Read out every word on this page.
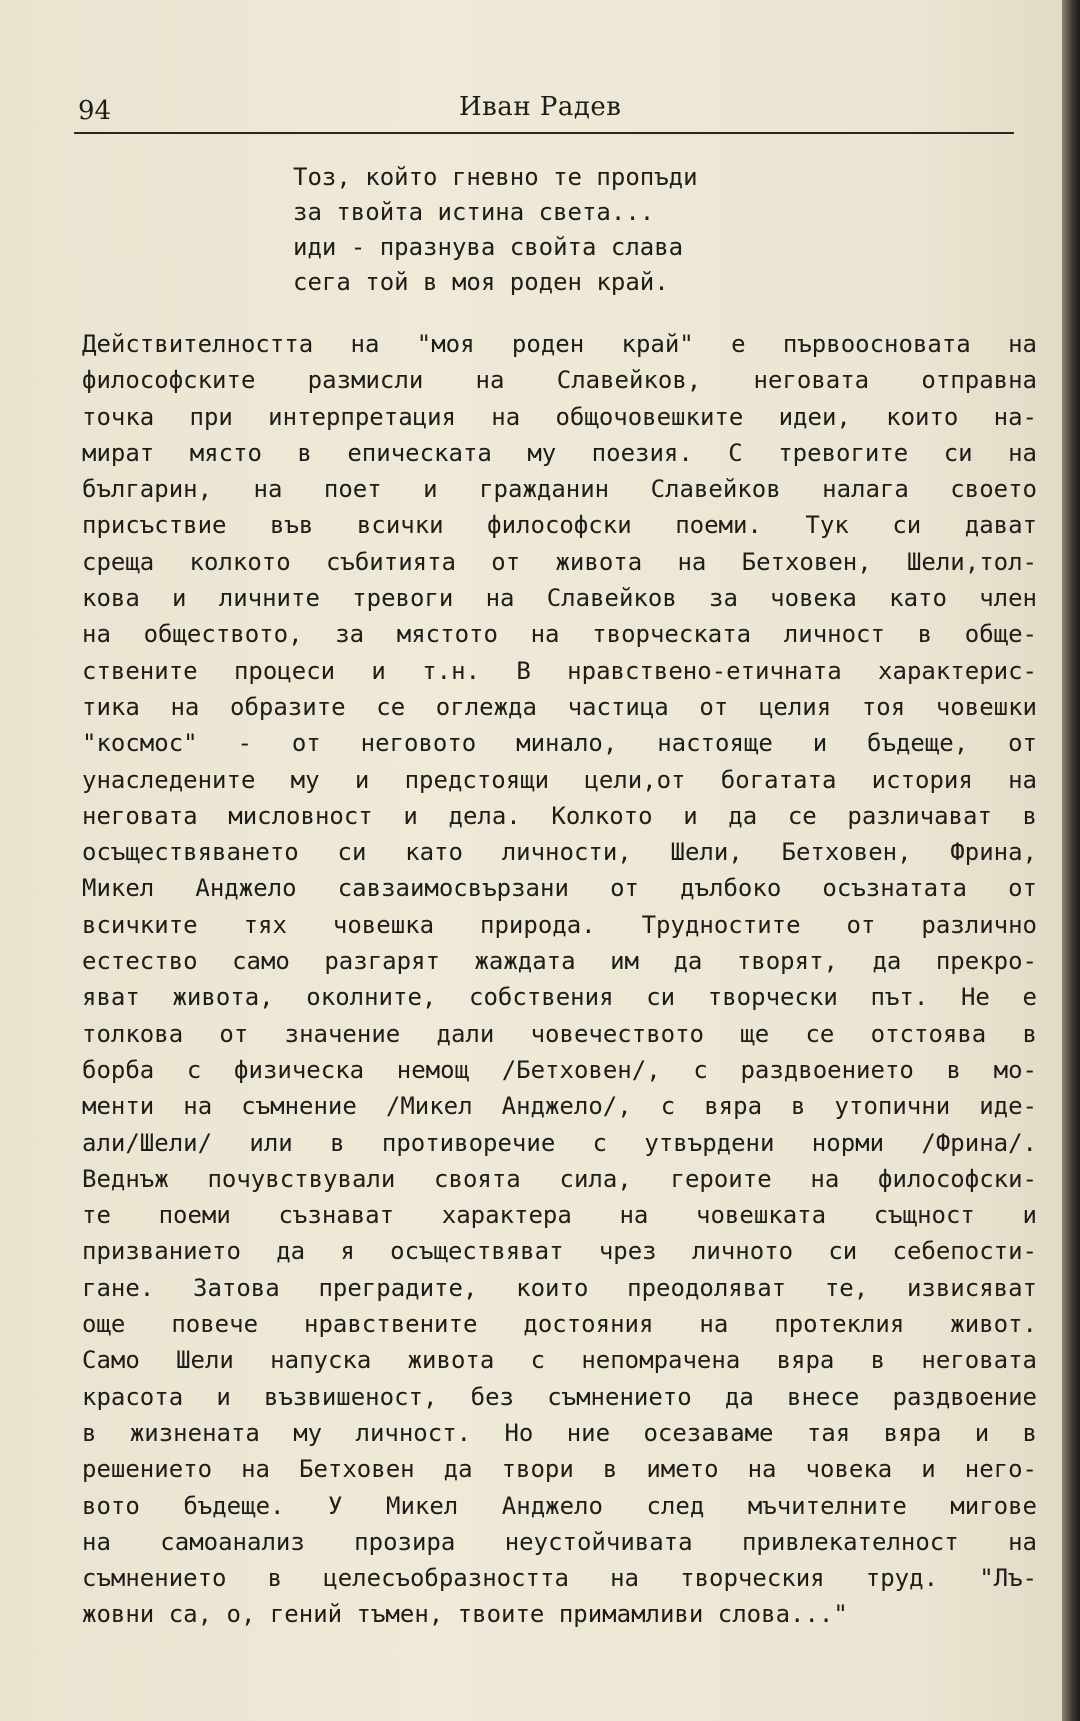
94	Иван Радев
Тоз, който гневно те пропъди
за твойта истина света...
иди - празнува свойта слава
сега той в моя роден край.
Действителността на "моя роден край" е първоосновата на
философските размисли на Славейков, неговата отправна
точка при интерпретация на общочовешките идеи, които на-
мират място в епическата му поезия. С тревогите си на
българин, на поет и гражданин Славейков налага своето
присъствие във всички философски поеми. Тук си дават
среща колкото събитията от живота на Бетховен, Шели,тол-
кова и личните тревоги на Славейков за човека като член
на обществото, за мястото на творческата личност в обще-
ствените процеси и т.н. В нравствено-етичната характерис-
тика на образите се оглежда частица от целия тоя човешки
"космос" - от неговото минало, настояще и бъдеще, от
унаследените му и предстоящи цели,от богатата история на
неговата мисловност и дела. Колкото и да се различават в
осъществяването си като личности, Шели, Бетховен, Фрина,
Микел Анджело савзаимосвързани от дълбоко осъзнатата от
всичките тях човешка природа. Трудностите от различно
естество само разгарят жаждата им да творят, да прекро-
яват живота, околните, собствения си творчески път. Не е
толкова от значение дали човечеството ще се отстоява в
борба с физическа немощ /Бетховен/, с раздвоението в мо-
менти на съмнение /Микел Анджело/, с вяра в утопични иде-
али/Шели/ или в противоречие с утвърдени норми /Фрина/.
Веднъж почувствували своята сила, героите на философски-
те поеми съзнават характера на човешката същност и
призванието да я осъществяват чрез личното си себепости-
гане. Затова преградите, които преодоляват те, извисяват
още повече нравствените достояния на протеклия живот.
Само Шели напуска живота с непомрачена вяра в неговата
красота и възвишеност, без съмнението да внесе раздвоение
в жизнената му личност. Но ние осезаваме тая вяра и в
решението на Бетховен да твори в името на човека и него-
вото бъдеще. У Микел Анджело след мъчителните мигове
на самоанализ прозира неустойчивата привлекателност на
съмнението в целесъобразността на творческия труд. "Лъ-
жовни са, о, гений тъмен, твоите примамливи слова..."
